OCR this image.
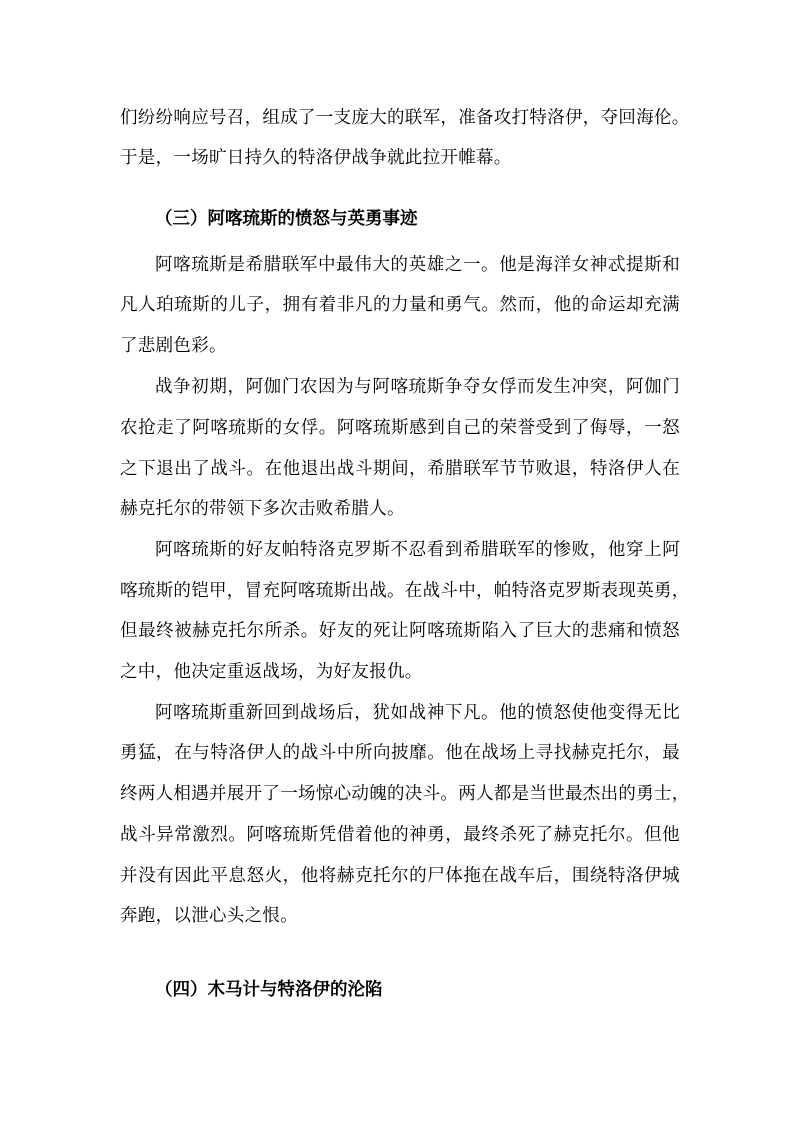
们纷纷响应号召，组成了一支庞大的联军，准备攻打特洛伊，夺回海伦。
于是，一场旷日持久的特洛伊战争就此拉开帷幕。
（三）阿喀琉斯的愤怒与英勇事迹
阿喀琉斯是希腊联军中最伟大的英雄之一。他是海洋女神忒提斯和
凡人珀琉斯的儿子，拥有着非凡的力量和勇气。然而，他的命运却充满
了悲剧色彩。
战争初期，阿伽门农因为与阿喀琉斯争夺女俘而发生冲突，阿伽门
农抢走了阿喀琉斯的女俘。阿喀琉斯感到自己的荣誉受到了侮辱，一怒
之下退出了战斗。在他退出战斗期间，希腊联军节节败退，特洛伊人在
赫克托尔的带领下多次击败希腊人。
阿喀琉斯的好友帕特洛克罗斯不忍看到希腊联军的惨败，他穿上阿
喀琉斯的铠甲，冒充阿喀琉斯出战。在战斗中，帕特洛克罗斯表现英勇，
但最终被赫克托尔所杀。好友的死让阿喀琉斯陷入了巨大的悲痛和愤怒
之中，他决定重返战场，为好友报仇。
阿喀琉斯重新回到战场后，犹如战神下凡。他的愤怒使他变得无比
勇猛，在与特洛伊人的战斗中所向披靡。他在战场上寻找赫克托尔，最
终两人相遇并展开了一场惊心动魄的决斗。两人都是当世最杰出的勇士，
战斗异常激烈。阿喀琉斯凭借着他的神勇，最终杀死了赫克托尔。但他
并没有因此平息怒火，他将赫克托尔的尸体拖在战车后，围绕特洛伊城
奔跑，以泄心头之恨。
（四）木马计与特洛伊的沦陷
